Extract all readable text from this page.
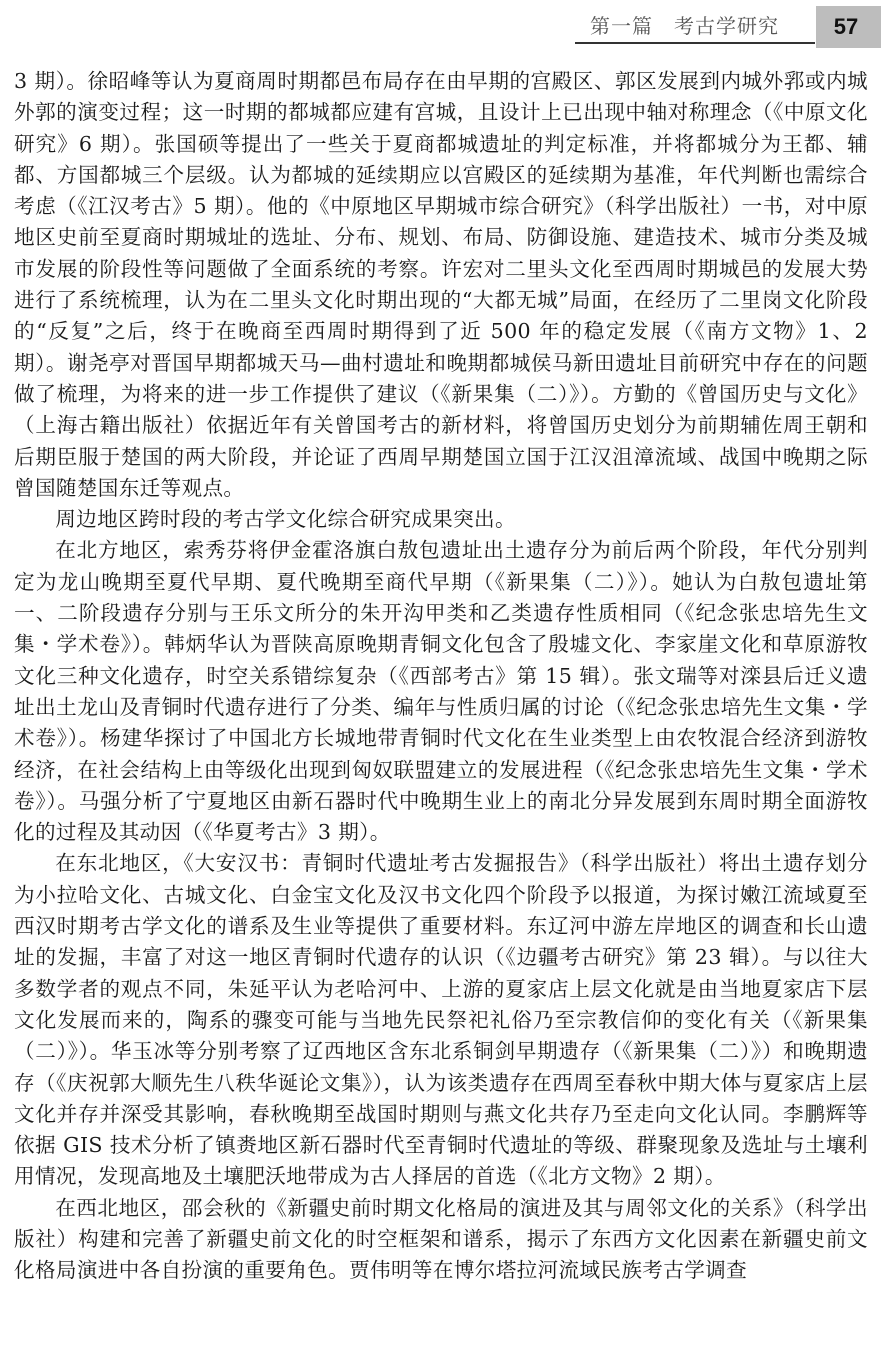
第一篇　考古学研究	57

3 期）。徐昭峰等认为夏商周时期都邑布局存在由早期的宫殿区、郭区发展到内城外郛或内城外郭的演变过程；这一时期的都城都应建有宫城，且设计上已出现中轴对称理念（《中原文化研究》6 期）。张国硕等提出了一些关于夏商都城遗址的判定标准，并将都城分为王都、辅都、方国都城三个层级。认为都城的延续期应以宫殿区的延续期为基准，年代判断也需综合考虑（《江汉考古》5 期）。他的《中原地区早期城市综合研究》（科学出版社）一书，对中原地区史前至夏商时期城址的选址、分布、规划、布局、防御设施、建造技术、城市分类及城市发展的阶段性等问题做了全面系统的考察。许宏对二里头文化至西周时期城邑的发展大势进行了系统梳理，认为在二里头文化时期出现的“大都无城”局面，在经历了二里岗文化阶段的“反复”之后，终于在晚商至西周时期得到了近 500 年的稳定发展（《南方文物》1、2 期）。谢尧亭对晋国早期都城天马—曲村遗址和晚期都城侯马新田遗址目前研究中存在的问题做了梳理，为将来的进一步工作提供了建议（《新果集（二）》）。方勤的《曾国历史与文化》（上海古籍出版社）依据近年有关曾国考古的新材料，将曾国历史划分为前期辅佐周王朝和后期臣服于楚国的两大阶段，并论证了西周早期楚国立国于江汉沮漳流域、战国中晚期之际曾国随楚国东迁等观点。

周边地区跨时段的考古学文化综合研究成果突出。

在北方地区，索秀芬将伊金霍洛旗白敖包遗址出土遗存分为前后两个阶段，年代分别判定为龙山晚期至夏代早期、夏代晚期至商代早期（《新果集（二）》）。她认为白敖包遗址第一、二阶段遗存分别与王乐文所分的朱开沟甲类和乙类遗存性质相同（《纪念张忠培先生文集・学术卷》）。韩炳华认为晋陕高原晚期青铜文化包含了殷墟文化、李家崖文化和草原游牧文化三种文化遗存，时空关系错综复杂（《西部考古》第 15 辑）。张文瑞等对滦县后迁义遗址出土龙山及青铜时代遗存进行了分类、编年与性质归属的讨论（《纪念张忠培先生文集・学术卷》）。杨建华探讨了中国北方长城地带青铜时代文化在生业类型上由农牧混合经济到游牧经济，在社会结构上由等级化出现到匈奴联盟建立的发展进程（《纪念张忠培先生文集・学术卷》）。马强分析了宁夏地区由新石器时代中晚期生业上的南北分异发展到东周时期全面游牧化的过程及其动因（《华夏考古》3 期）。

在东北地区，《大安汉书：青铜时代遗址考古发掘报告》（科学出版社）将出土遗存划分为小拉哈文化、古城文化、白金宝文化及汉书文化四个阶段予以报道，为探讨嫩江流域夏至西汉时期考古学文化的谱系及生业等提供了重要材料。东辽河中游左岸地区的调查和长山遗址的发掘，丰富了对这一地区青铜时代遗存的认识（《边疆考古研究》第 23 辑）。与以往大多数学者的观点不同，朱延平认为老哈河中、上游的夏家店上层文化就是由当地夏家店下层文化发展而来的，陶系的骤变可能与当地先民祭祀礼俗乃至宗教信仰的变化有关（《新果集（二）》）。华玉冰等分别考察了辽西地区含东北系铜剑早期遗存（《新果集（二）》）和晚期遗存（《庆祝郭大顺先生八秩华诞论文集》），认为该类遗存在西周至春秋中期大体与夏家店上层文化并存并深受其影响，春秋晚期至战国时期则与燕文化共存乃至走向文化认同。李鹏辉等依据 GIS 技术分析了镇赉地区新石器时代至青铜时代遗址的等级、群聚现象及选址与土壤利用情况，发现高地及土壤肥沃地带成为古人择居的首选（《北方文物》2 期）。

在西北地区，邵会秋的《新疆史前时期文化格局的演进及其与周邻文化的关系》（科学出版社）构建和完善了新疆史前文化的时空框架和谱系，揭示了东西方文化因素在新疆史前文化格局演进中各自扮演的重要角色。贾伟明等在博尔塔拉河流域民族考古学调查
